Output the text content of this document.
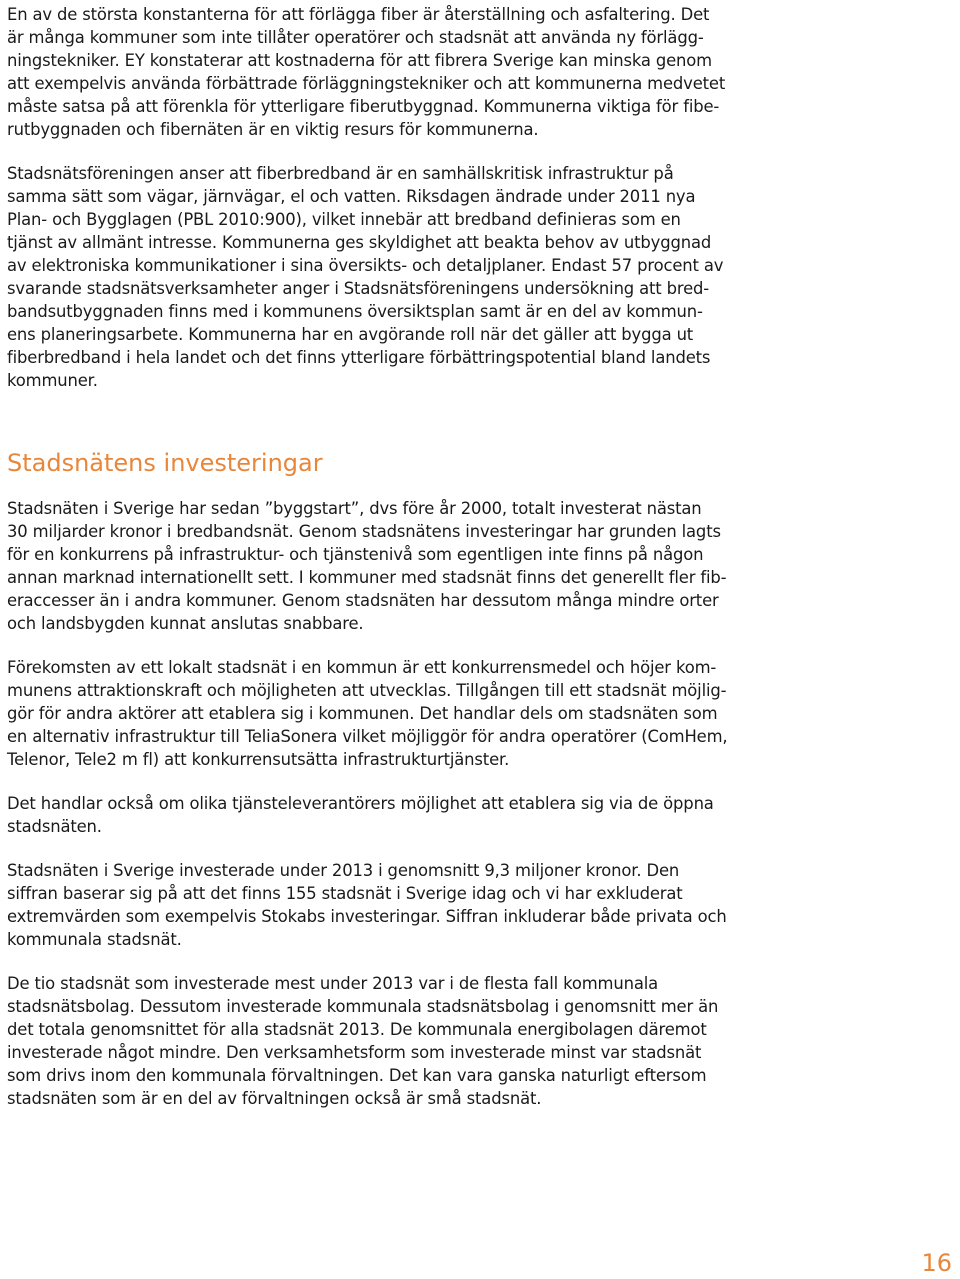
En av de största konstanterna för att förlägga fiber är återställning och asfaltering. Det
är många kommuner som inte tillåter operatörer och stadsnät att använda ny förlägg-
ningstekniker. EY konstaterar att kostnaderna för att fibrera Sverige kan minska genom
att exempelvis använda förbättrade förläggningstekniker och att kommunerna medvetet
måste satsa på att förenkla för ytterligare fiberutbyggnad. Kommunerna viktiga för fibe-
rutbyggnaden och fibernäten är en viktig resurs för kommunerna.
Stadsnätsföreningen anser att fiberbredband är en samhällskritisk infrastruktur på
samma sätt som vägar, järnvägar, el och vatten. Riksdagen ändrade under 2011 nya
Plan- och Bygglagen (PBL 2010:900), vilket innebär att bredband definieras som en
tjänst av allmänt intresse. Kommunerna ges skyldighet att beakta behov av utbyggnad
av elektroniska kommunikationer i sina översikts- och detaljplaner. Endast 57 procent av
svarande stadsnätsverksamheter anger i Stadsnätsföreningens undersökning att bred-
bandsutbyggnaden finns med i kommunens översiktsplan samt är en del av kommun-
ens planeringsarbete. Kommunerna har en avgörande roll när det gäller att bygga ut
fiberbredband i hela landet och det finns ytterligare förbättringspotential bland landets
kommuner.
Stadsnätens investeringar
Stadsnäten i Sverige har sedan ”byggstart”, dvs före år 2000, totalt investerat nästan
30 miljarder kronor i bredbandsnät. Genom stadsnätens investeringar har grunden lagts
för en konkurrens på infrastruktur- och tjänstenivå som egentligen inte finns på någon
annan marknad internationellt sett. I kommuner med stadsnät finns det generellt fler fib-
eraccesser än i andra kommuner. Genom stadsnäten har dessutom många mindre orter
och landsbygden kunnat anslutas snabbare.
Förekomsten av ett lokalt stadsnät i en kommun är ett konkurrensmedel och höjer kom-
munens attraktionskraft och möjligheten att utvecklas. Tillgången till ett stadsnät möjlig-
gör för andra aktörer att etablera sig i kommunen. Det handlar dels om stadsnäten som
en alternativ infrastruktur till TeliaSonera vilket möjliggör för andra operatörer (ComHem,
Telenor, Tele2 m fl) att konkurrensutsätta infrastrukturtjänster.
Det handlar också om olika tjänsteleverantörers möjlighet att etablera sig via de öppna
stadsnäten.
Stadsnäten i Sverige investerade under 2013 i genomsnitt 9,3 miljoner kronor. Den
siffran baserar sig på att det finns 155 stadsnät i Sverige idag och vi har exkluderat
extremvärden som exempelvis Stokabs investeringar. Siffran inkluderar både privata och
kommunala stadsnät.
De tio stadsnät som investerade mest under 2013 var i de flesta fall kommunala
stadsnätsbolag. Dessutom investerade kommunala stadsnätsbolag i genomsnitt mer än
det totala genomsnittet för alla stadsnät 2013. De kommunala energibolagen däremot
investerade något mindre. Den verksamhetsform som investerade minst var stadsnät
som drivs inom den kommunala förvaltningen. Det kan vara ganska naturligt eftersom
stadsnäten som är en del av förvaltningen också är små stadsnät.
16
